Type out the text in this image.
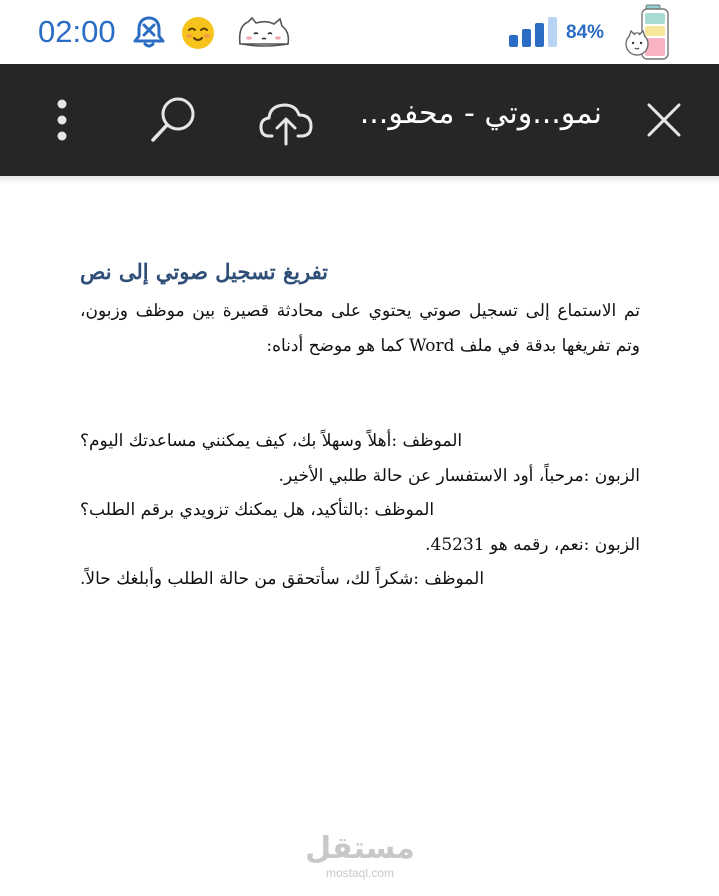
02:00	84%
نمو...وتي - محفو...
تفريغ تسجيل صوتي إلى نص

تم الاستماع إلى تسجيل صوتي يحتوي على محادثة قصيرة بين موظف وزبون، وتم تفريغها بدقة في ملف Word كما هو موضح أدناه:

الموظف :أهلاً وسهلاً بك، كيف يمكنني مساعدتك اليوم؟
الزبون :مرحباً، أود الاستفسار عن حالة طلبي الأخير.
الموظف :بالتأكيد، هل يمكنك تزويدي برقم الطلب؟
الزبون :نعم، رقمه هو 45231.
الموظف :شكراً لك، سأتحقق من حالة الطلب وأبلغك حالاً.
مستقل
mostaql.com
